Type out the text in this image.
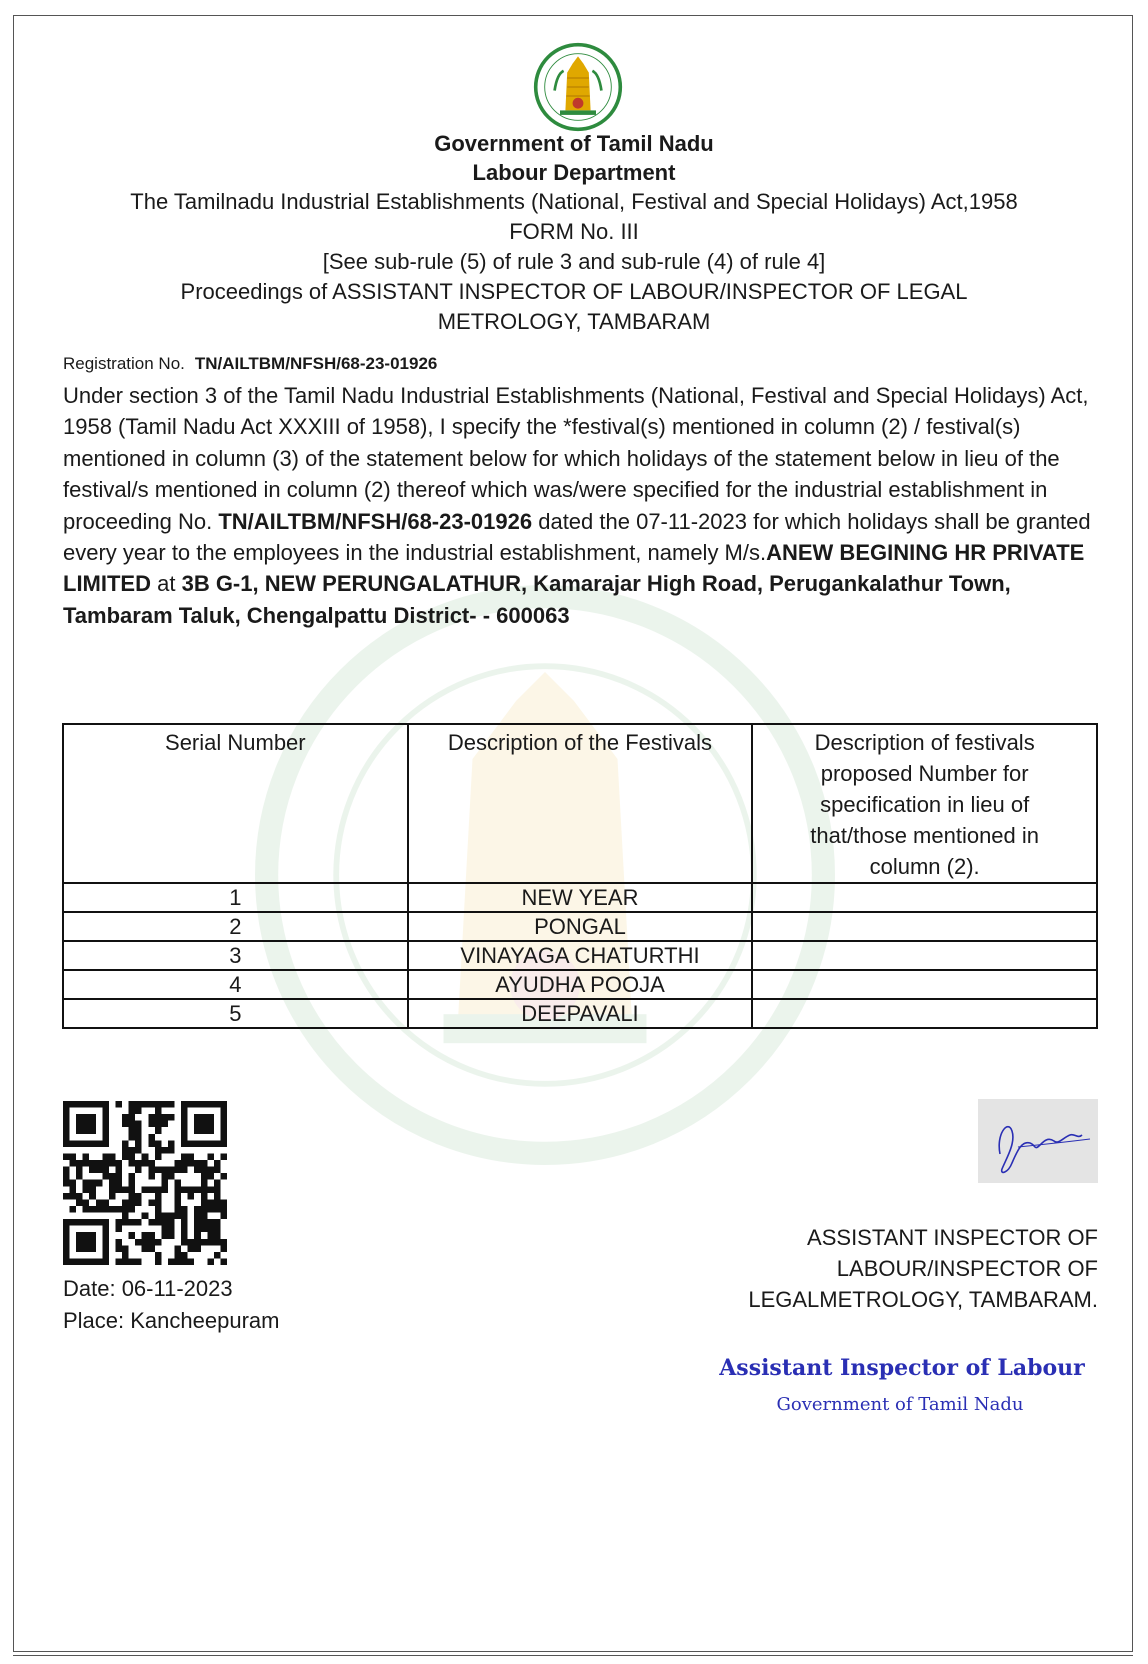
Government of Tamil Nadu
Labour Department
The Tamilnadu Industrial Establishments (National, Festival and Special Holidays) Act,1958
FORM No. III
[See sub-rule (5) of rule 3 and sub-rule (4) of rule 4]
Proceedings of ASSISTANT INSPECTOR OF LABOUR/INSPECTOR OF LEGAL
METROLOGY, TAMBARAM
Registration No. TN/AILTBM/NFSH/68-23-01926
Under section 3 of the Tamil Nadu Industrial Establishments (National, Festival and Special Holidays) Act, 1958 (Tamil Nadu Act XXXIII of 1958), I specify the *festival(s) mentioned in column (2) / festival(s) mentioned in column (3) of the statement below for which holidays of the statement below in lieu of the festival/s mentioned in column (2) thereof which was/were specified for the industrial establishment in proceeding No. TN/AILTBM/NFSH/68-23-01926 dated the 07-11-2023 for which holidays shall be granted every year to the employees in the industrial establishment, namely M/s.ANEW BEGINING HR PRIVATE LIMITED at 3B G-1, NEW PERUNGALATHUR, Kamarajar High Road, Perugankalathur Town, Tambaram Taluk, Chengalpattu District- - 600063
Serial Number	Description of the Festivals	Description of festivals proposed Number for specification in lieu of that/those mentioned in column (2).

1	NEW YEAR	
2	PONGAL	
3	VINAYAGA CHATURTHI	
4	AYUDHA POOJA	
5	DEEPAVALI	
Date: 06-11-2023
Place: Kancheepuram
ASSISTANT INSPECTOR OF
LABOUR/INSPECTOR OF
LEGALMETROLOGY, TAMBARAM.
Assistant Inspector of Labour
Government of Tamil Nadu
